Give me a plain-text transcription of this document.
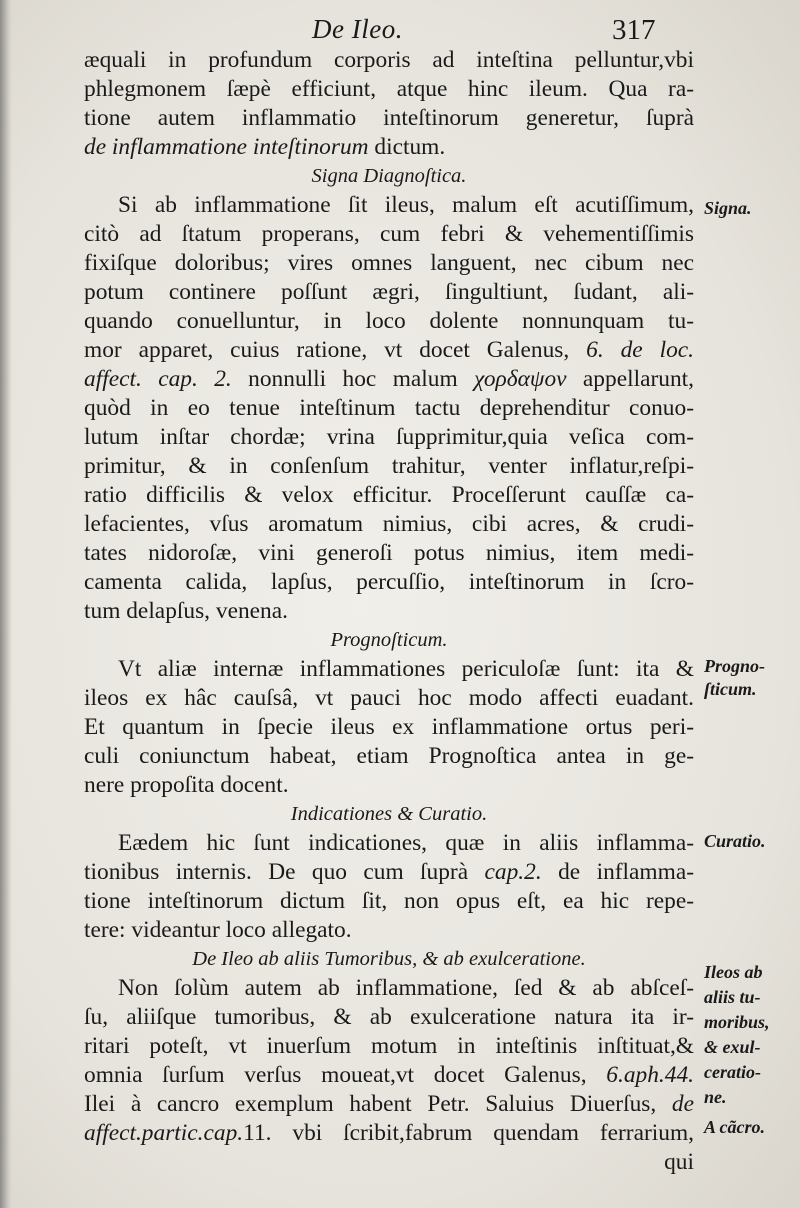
De Ileo.	317
æquali in profundum corporis ad inteſtina pelluntur,vbi
phlegmonem ſæpè efficiunt, atque hinc ileum. Qua ra-
tione autem inflammatio inteſtinorum generetur, ſuprà
de inflammatione inteſtinorum dictum.
Signa Diagnoſtica.
Si ab inflammatione ſit ileus, malum eſt acutiſſimum,
citò ad ſtatum properans, cum febri & vehementiſſimis
fixiſque doloribus; vires omnes languent, nec cibum nec
potum continere poſſunt ægri, ſingultiunt, ſudant, ali-
quando conuelluntur, in loco dolente nonnunquam tu-
mor apparet, cuius ratione, vt docet Galenus, 6. de loc.
affect. cap. 2. nonnulli hoc malum χορδαψον appellarunt,
quòd in eo tenue inteſtinum tactu deprehenditur conuo-
lutum inſtar chordæ; vrina ſupprimitur,quia veſica com-
primitur, & in conſenſum trahitur, venter inflatur,reſpi-
ratio difficilis & velox efficitur. Proceſſerunt cauſſæ ca-
lefacientes, vſus aromatum nimius, cibi acres, & crudi-
tates nidoroſæ, vini generoſi potus nimius, item medi-
camenta calida, lapſus, percuſſio, inteſtinorum in ſcro-
tum delapſus, venena.
Prognoſticum.
Vt aliæ internæ inflammationes periculoſæ ſunt: ita &
ileos ex hâc cauſsâ, vt pauci hoc modo affecti euadant.
Et quantum in ſpecie ileus ex inflammatione ortus peri-
culi coniunctum habeat, etiam Prognoſtica antea in ge-
nere propoſita docent.
Indicationes & Curatio.
Eædem hic ſunt indicationes, quæ in aliis inflamma-
tionibus internis. De quo cum ſuprà cap.2. de inflamma-
tione inteſtinorum dictum ſit, non opus eſt, ea hic repe-
tere: videantur loco allegato.
De Ileo ab aliis Tumoribus, & ab exulceratione.
Non ſolùm autem ab inflammatione, ſed & ab abſceſ-
ſu, aliiſque tumoribus, & ab exulceratione natura ita ir-
ritari poteſt, vt inuerſum motum in inteſtinis inſtituat,&
omnia ſurſum verſus moueat,vt docet Galenus, 6.aph.44.
Ilei à cancro exemplum habent Petr. Saluius Diuerſus, de
affect.partic.cap.11. vbi ſcribit,fabrum quendam ferrarium,
qui
Signa.
Progno-
ſticum.
Curatio.
Ileos ab
aliis tu-
moribus,
& exul-
ceratio-
ne.
A cãcro.
